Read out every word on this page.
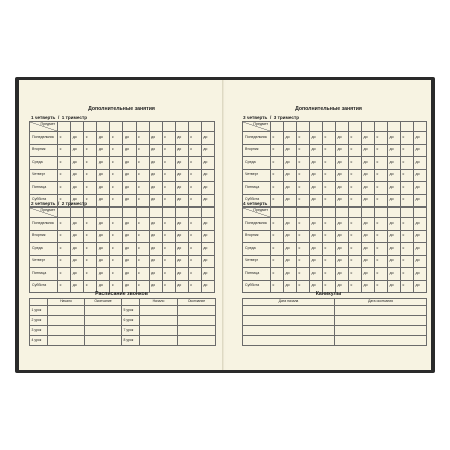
Дополнительные занятия
1 четверть / 1 триместр
Предмет												

Понедельник	с	до	с	до	с	до	с	до	с	до	с	до
Вторник	с	до	с	до	с	до	с	до	с	до	с	до
Среда	с	до	с	до	с	до	с	до	с	до	с	до
Четверг	с	до	с	до	с	до	с	до	с	до	с	до
Пятница	с	до	с	до	с	до	с	до	с	до	с	до
Суббота	с	до	с	до	с	до	с	до	с	до	с	до
2 четверть / 2 триместр
Предмет												

Понедельник	с	до	с	до	с	до	с	до	с	до	с	до
Вторник	с	до	с	до	с	до	с	до	с	до	с	до
Среда	с	до	с	до	с	до	с	до	с	до	с	до
Четверг	с	до	с	до	с	до	с	до	с	до	с	до
Пятница	с	до	с	до	с	до	с	до	с	до	с	до
Суббота	с	до	с	до	с	до	с	до	с	до	с	до
Расписание звонков
	Начало	Окончание		Начало	Окончание
1 урок			5 урок		
2 урок			6 урок		
3 урок			7 урок		
4 урок			8 урок		
Дополнительные занятия
3 четверть / 3 триместр
Предмет												

Понедельник	с	до	с	до	с	до	с	до	с	до	с	до
Вторник	с	до	с	до	с	до	с	до	с	до	с	до
Среда	с	до	с	до	с	до	с	до	с	до	с	до
Четверг	с	до	с	до	с	до	с	до	с	до	с	до
Пятница	с	до	с	до	с	до	с	до	с	до	с	до
Суббота	с	до	с	до	с	до	с	до	с	до	с	до
4 четверть
Предмет												

Понедельник	с	до	с	до	с	до	с	до	с	до	с	до
Вторник	с	до	с	до	с	до	с	до	с	до	с	до
Среда	с	до	с	до	с	до	с	до	с	до	с	до
Четверг	с	до	с	до	с	до	с	до	с	до	с	до
Пятница	с	до	с	до	с	до	с	до	с	до	с	до
Суббота	с	до	с	до	с	до	с	до	с	до	с	до
Каникулы
Дата начала	Дата окончания
